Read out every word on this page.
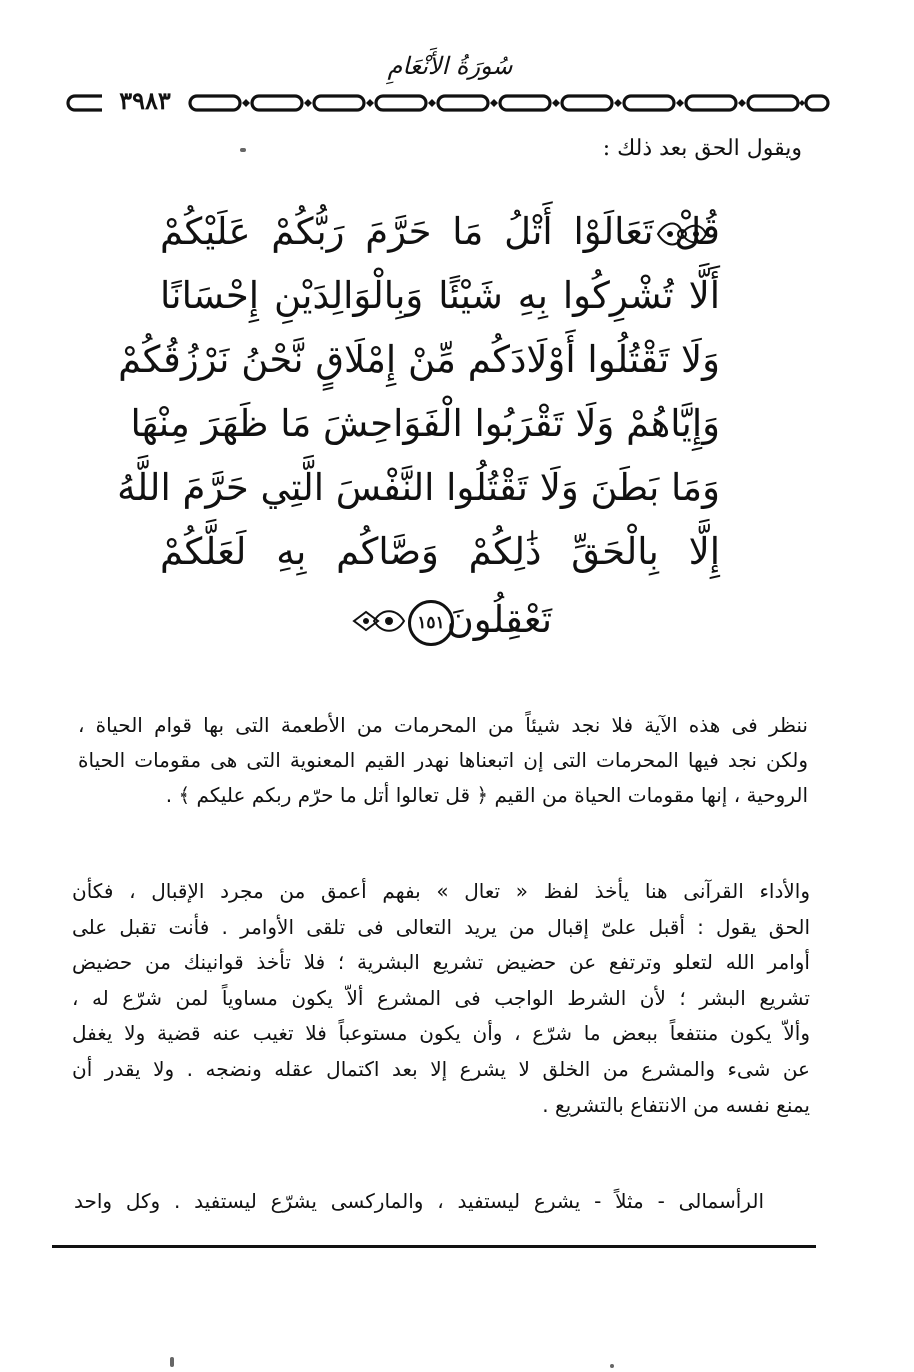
سُورَةُ الأَنْعَامِ
٣٩٨٣
ويقول الحق بعد ذلك :
قُلْ تَعَالَوْا أَتْلُ مَا حَرَّمَ رَبُّكُمْ عَلَيْكُمْ
أَلَّا تُشْرِكُوا بِهِ شَيْئًا وَبِالْوَالِدَيْنِ إِحْسَانًا
وَلَا تَقْتُلُوا أَوْلَادَكُم مِّنْ إِمْلَاقٍ نَّحْنُ نَرْزُقُكُمْ
وَإِيَّاهُمْ وَلَا تَقْرَبُوا الْفَوَاحِشَ مَا ظَهَرَ مِنْهَا
وَمَا بَطَنَ وَلَا تَقْتُلُوا النَّفْسَ الَّتِي حَرَّمَ اللَّهُ
إِلَّا بِالْحَقِّ ذَٰلِكُمْ وَصَّاكُم بِهِ لَعَلَّكُمْ
تَعْقِلُونَ
١٥١
ننظر فى هذه الآية فلا نجد شيئاً من المحرمات من الأطعمة التى بها قوام الحياة ،
ولكن نجد فيها المحرمات التى إن اتبعناها نهدر القيم المعنوية التى هى مقومات الحياة
الروحية ، إنها مقومات الحياة من القيم ﴿ قل تعالوا أتل ما حرّم ربكم عليكم ﴾ .
والأداء القرآنى هنا يأخذ لفظ « تعال » بفهم أعمق من مجرد الإقبال ، فكأن
الحق يقول : أقبل علىّ إقبال من يريد التعالى فى تلقى الأوامر . فأنت تقبل على
أوامر الله لتعلو وترتفع عن حضيض تشريع البشرية ؛ فلا تأخذ قوانينك من حضيض
تشريع البشر ؛ لأن الشرط الواجب فى المشرع ألاّ يكون مساوياً لمن شرّع له ،
وألاّ يكون منتفعاً ببعض ما شرّع ، وأن يكون مستوعباً فلا تغيب عنه قضية ولا يغفل
عن شىء والمشرع من الخلق لا يشرع إلا بعد اكتمال عقله ونضجه . ولا يقدر أن
يمنع نفسه من الانتفاع بالتشريع .
الرأسمالى - مثلاً - يشرع ليستفيد ، والماركسى يشرّع ليستفيد . وكل واحد
